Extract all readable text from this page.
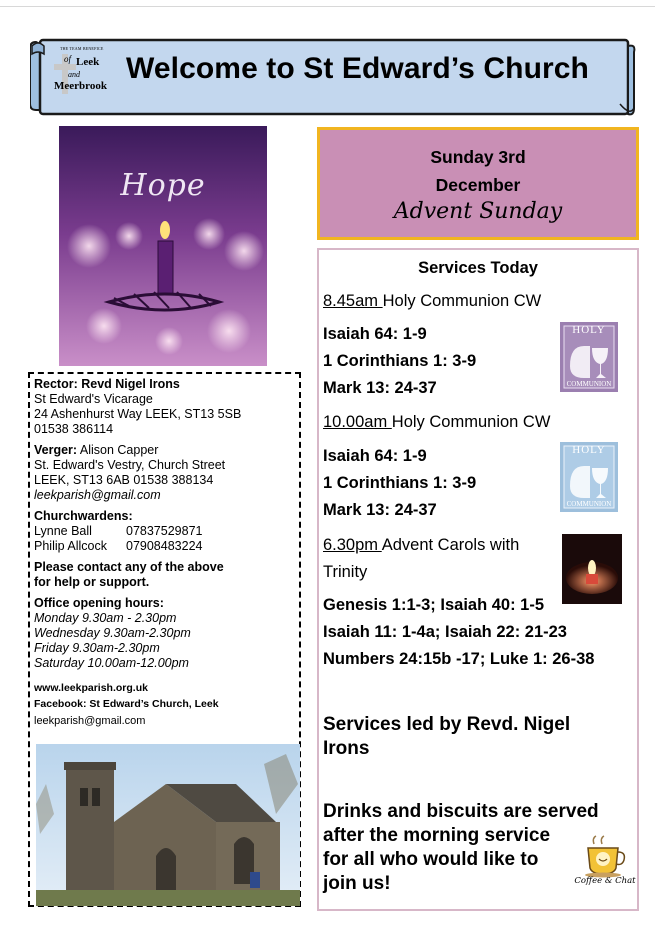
THE TEAM BENEFICE
of Leek
and
Meerbrook
Welcome to St Edward’s Church
Hope
Rector: Revd Nigel Irons
St Edward's Vicarage
24 Ashenhurst Way LEEK, ST13 5SB
01538 386114
Verger: Alison Capper
St. Edward's Vestry, Church Street
LEEK, ST13 6AB 01538 388134
leekparish@gmail.com
Churchwardens:
Lynne Ball	07837529871
Philip Allcock 07908483224
Please contact any of the above
for help or support.
Office opening hours:
Monday 9.30am - 2.30pm
Wednesday 9.30am-2.30pm
Friday 9.30am-2.30pm
Saturday 10.00am-12.00pm
www.leekparish.org.uk
Facebook: St Edward’s Church, Leek
leekparish@gmail.com
Sunday 3rd
December
Advent Sunday
Services Today
8.45am Holy Communion CW
Isaiah 64: 1-9
1 Corinthians 1: 3-9
Mark 13: 24-37
HOLY
COMMUNION
10.00am Holy Communion CW
Isaiah 64: 1-9
1 Corinthians 1: 3-9
Mark 13: 24-37
HOLY
COMMUNION
6.30pm Advent Carols with
Trinity
Genesis 1:1-3; Isaiah 40: 1-5
Isaiah 11: 1-4a; Isaiah 22: 21-23
Numbers 24:15b -17; Luke 1: 26-38
Services led by Revd. Nigel
Irons
Drinks and biscuits are served
after the morning service
for all who would like to
join us!	Coffee & Chat
